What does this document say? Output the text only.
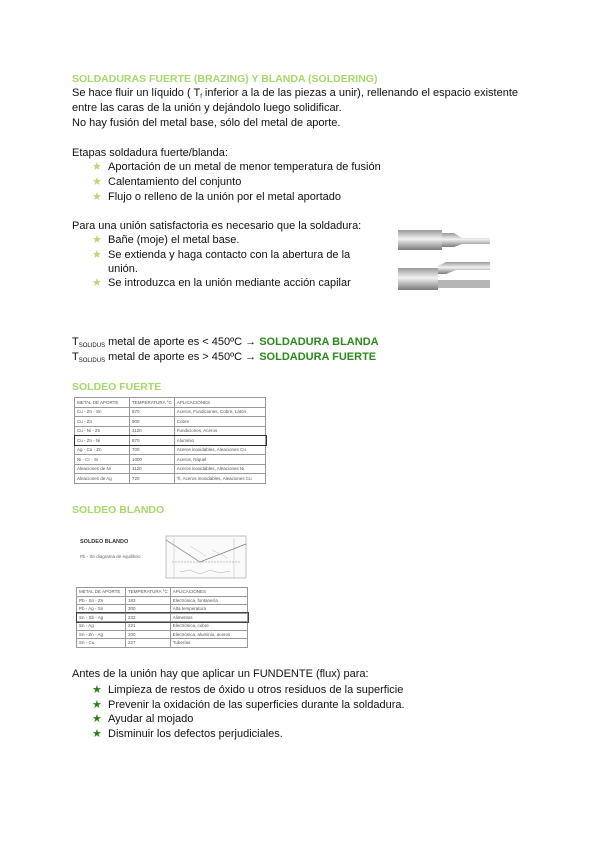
SOLDADURAS FUERTE (BRAZING) Y BLANDA (SOLDERING)
Se hace fluir un líquido ( $T_f$ inferior a la de las piezas a unir), rellenando el espacio existente
entre las caras de la unión y dejándolo luego solidificar.
No hay fusión del metal base, sólo del metal de aporte.
Etapas soldadura fuerte/blanda:
★ Aportación de un metal de menor temperatura de fusión
★ Calentamiento del conjunto
★ Flujo o relleno de la unión por el metal aportado
Para una unión satisfactoria es necesario que la soldadura:
★ Bañe (moje) el metal base.
★ Se extienda y haga contacto con la abertura de la
unión.
★ Se introduzca en la unión mediante acción capilar
$T_{SOLIDUS}$ metal de aporte es < 450ºC → SOLDADURA BLANDA
$T_{SOLIDUS}$ metal de aporte es > 450ºC → SOLDADURA FUERTE
SOLDEO FUERTE
METAL DE APORTE	TEMPERATURA °C	APLICACIONES
Cu - Zn - Sn	870	Aceros, Fundiciones, Cobre, Latón
Cu - Zn	900	Cobre
Cu - Ni - Zn	1120	Fundiciones, Aceros
Cu - Zn - Ni	870	Aluminio
Ag - Cu - Zn	700	Aceros inoxidables, Aleaciones Cu
Ni - Cr - Si	1000	Aceros, Níquel
Aleaciones de Ni	1120	Aceros inoxidables, Aleaciones Ni
Aleaciones de Ag	720	Ti, Aceros inoxidables, Aleaciones Cu
SOLDEO BLANDO
SOLDEO BLANDO
Pb - Sn diagrama de equilibrio
METAL DE APORTE	TEMPERATURA °C	APLICACIONES
Pb - Sn - Zn	183	Electrónica, fontanería
Pb - Ag - Sn	300	Alta temperatura
Sn - Sb - Ag	232	Alimentos
Sn - Ag	221	Electrónica, cobre
Sn - Zn - Ag	200	Electrónica, aluminio, aceros
Sn - Cu	227	Tuberías
Antes de la unión hay que aplicar un FUNDENTE (flux) para:
★ Limpieza de restos de óxido u otros residuos de la superficie
★ Prevenir la oxidación de las superficies durante la soldadura.
★ Ayudar al mojado
★ Disminuir los defectos perjudiciales.
